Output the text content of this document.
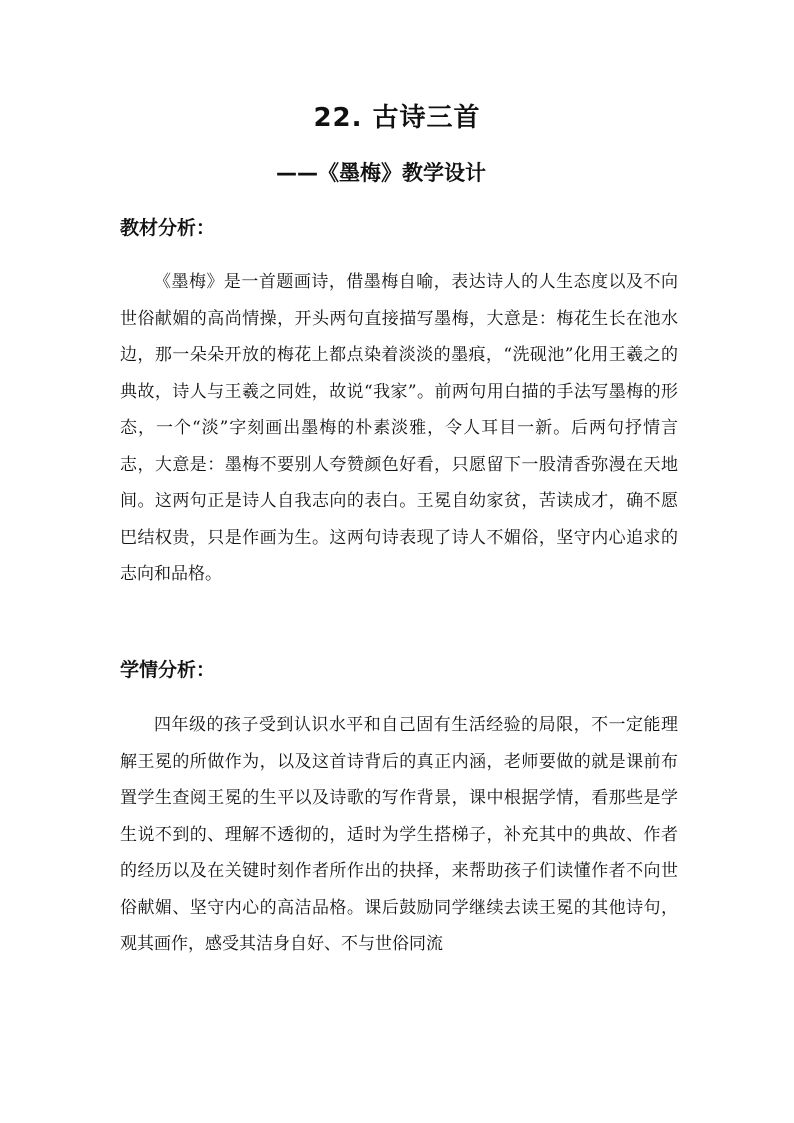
22. 古诗三首
——《墨梅》教学设计
教材分析：

《墨梅》是一首题画诗，借墨梅自喻，表达诗人的人生态度以及不向世俗献媚的高尚情操，开头两句直接描写墨梅，大意是：梅花生长在池水边，那一朵朵开放的梅花上都点染着淡淡的墨痕，“洗砚池”化用王羲之的典故，诗人与王羲之同姓，故说“我家”。前两句用白描的手法写墨梅的形态，一个“淡”字刻画出墨梅的朴素淡雅，令人耳目一新。后两句抒情言志，大意是：墨梅不要别人夸赞颜色好看，只愿留下一股清香弥漫在天地间。这两句正是诗人自我志向的表白。王冕自幼家贫，苦读成才，确不愿巴结权贵，只是作画为生。这两句诗表现了诗人不媚俗，坚守内心追求的志向和品格。

学情分析：

四年级的孩子受到认识水平和自己固有生活经验的局限，不一定能理解王冕的所做作为，以及这首诗背后的真正内涵，老师要做的就是课前布置学生查阅王冕的生平以及诗歌的写作背景，课中根据学情，看那些是学生说不到的、理解不透彻的，适时为学生搭梯子，补充其中的典故、作者的经历以及在关键时刻作者所作出的抉择，来帮助孩子们读懂作者不向世俗献媚、坚守内心的高洁品格。课后鼓励同学继续去读王冕的其他诗句，观其画作，感受其洁身自好、不与世俗同流
